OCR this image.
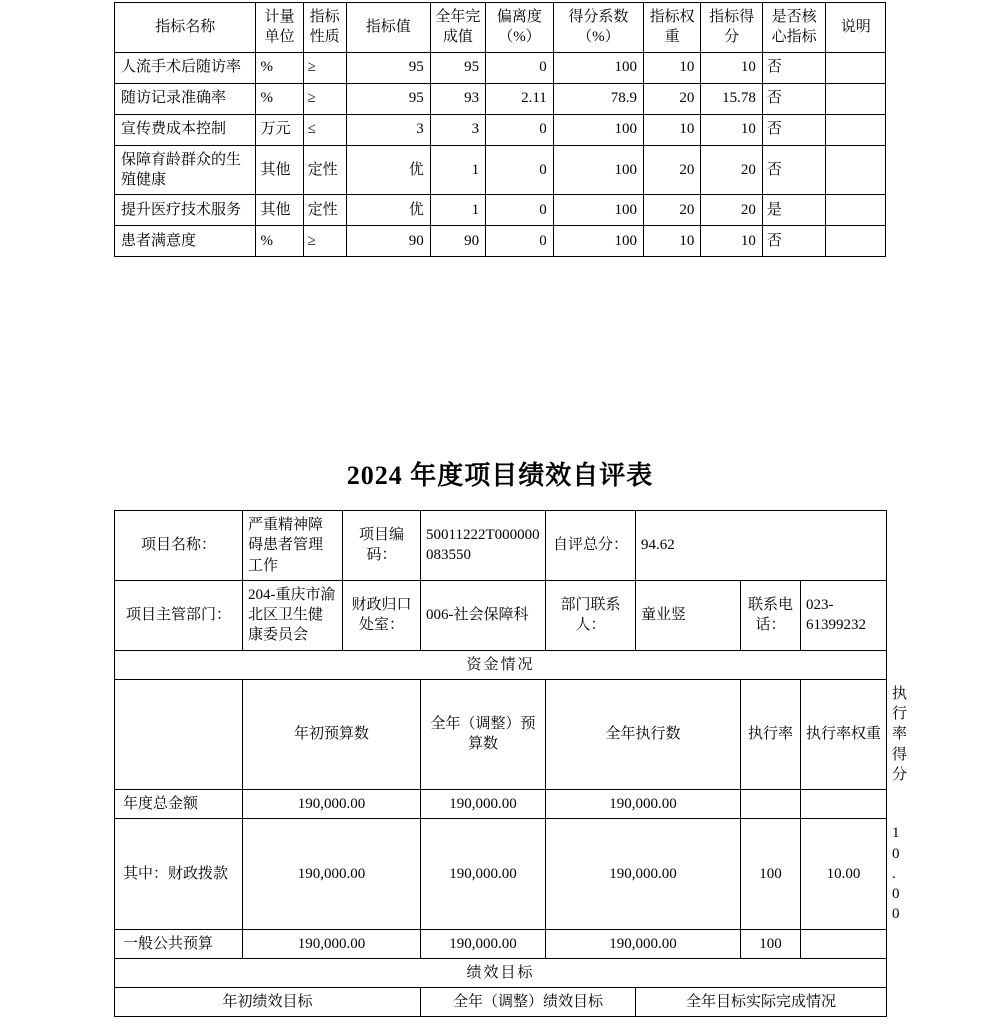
指标名称	计量单位	指标性质	指标值	全年完成值	偏离度（%）	得分系数（%）	指标权重	指标得分	是否核心指标	说明
人流手术后随访率	%	≥	95	95	0	100	10	10	否	
随访记录准确率	%	≥	95	93	2.11	78.9	20	15.78	否	
宣传费成本控制	万元	≤	3	3	0	100	10	10	否	
保障育龄群众的生殖健康	其他	定性	优	1	0	100	20	20	否	
提升医疗技术服务	其他	定性	优	1	0	100	20	20	是	
患者满意度	%	≥	90	90	0	100	10	10	否	
2024 年度项目绩效自评表
项目名称：	严重精神障碍患者管理工作	项目编码：	50011222T000000083550	自评总分：	94.62			
项目主管部门：	204-重庆市渝北区卫生健康委员会	财政归口处室：	006-社会保障科	部门联系人：	童业竖	联系电话：	023-61399232	
资金情况								
	年初预算数		全年（调整）预算数	全年执行数		执行率	执行率权重	执行率得分
年度总金额	190,000.00		190,000.00	190,000.00				
其中：财政拨款	190,000.00		190,000.00	190,000.00		100	10.00	10.00
一般公共预算	190,000.00		190,000.00	190,000.00		100		
绩效目标								
年初绩效目标			全年（调整）绩效目标		全年目标实际完成情况			
